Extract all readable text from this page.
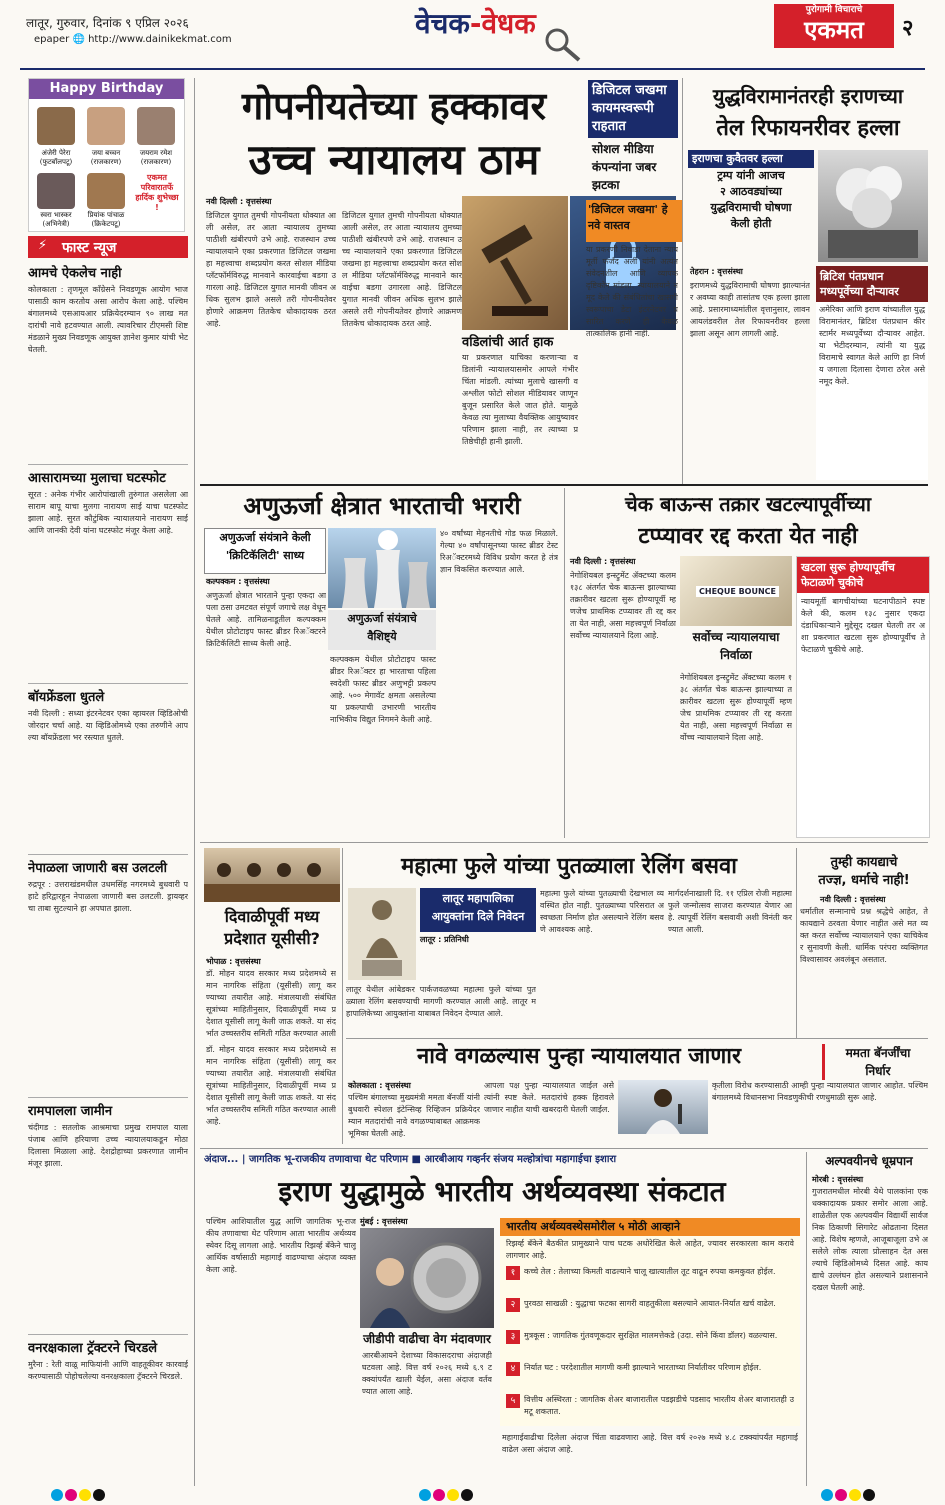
लातूर, गुरुवार, दिनांक ९ एप्रिल २०२६
epaper 🌐 http://www.dainikekmat.com	वेचक-वेधक	पुरोगामी विचाराचे
एकमत	२
Happy Birthday
अंजेरी पेरेरा
(फुटबॉलपटू)
जया बच्चन
(राजकारण)
जयराम रमेश
(राजकारण)
एकमत परिवारातर्फे हार्दिक शुभेच्छा !
स्वरा भास्कर
(अभिनेत्री)
प्रियांक पांचाळ
(क्रिकेटपटू)
⚡ फास्ट न्यूज
आमचे ऐकलेच नाही
कोलकाता : तृणमूल काँग्रेसने निवडणूक आयोग भाजपासाठी काम करतोय असा आरोप केला आहे. पश्चिम बंगालमध्ये एसआयआर प्रक्रियेदरम्यान ९० लाख मतदारांची नावे हटवण्यात आली. त्यावरिचार टीएमसी शिष्टमंडळाने मुख्य निवडणूक आयुक्त ज्ञानेश कुमार यांची भेट घेतली.
आसारामच्या मुलाचा घटस्फोट
सूरत : अनेक गंभीर आरोपांखाली तुरुंगात असलेला आसाराम बापू याचा मुलगा नारायण साई याचा घटस्फोट झाला आहे. सुरत कौटुंबिक न्यायालयाने नारायण साई आणि जानकी देवी यांना घटस्फोट मंजूर केला आहे.
बॉयफ्रेंडला धुतले
नवी दिल्ली : सध्या इंटरनेटवर एका व्हायरल व्हिडिओची जोरदार चर्चा आहे. या व्हिडिओमध्ये एका तरुणीने आपल्या बॉयफ्रेंडला भर रस्त्यात धुतले.
नेपाळला जाणारी बस उलटली
रुद्रपूर : उत्तराखंडमधील उधमसिंह नगरमध्ये बुधवारी पहाटे हरिद्वारहून नेपाळला जाणारी बस उलटली. ड्रायव्हरचा ताबा सुटल्याने हा अपघात झाला.
रामपालला जामीन
चंदीगड : सतलोक आश्रमाचा प्रमुख रामपाल याला पंजाब आणि हरियाणा उच्च न्यायालयाकडून मोठा दिलासा मिळाला आहे. देशद्रोहाच्या प्रकरणात जामीन मंजूर झाला.
वनरक्षकाला ट्रॅक्टरने चिरडले
मुरैना : रेती वाळू माफियांनी आणि वाहतूकीवर कारवाई करण्यासाठी पोहोचलेल्या वनरक्षकाला ट्रॅक्टरने चिरडले.
गोपनीयतेच्या हक्कावर
उच्च न्यायालय ठाम
डिजिटल जखमा
कायमस्वरूपी
राहतात
सोशल मीडिया
कंपन्यांना जबर
झटका
नवी दिल्ली : वृत्तसंस्था
डिजिटल युगात तुमची गोपनीयता धोक्यात आली असेल, तर आता न्यायालय तुमच्या पाठीशी खंबीरपणे उभे आहे. राजस्थान उच्च न्यायालयाने एका प्रकरणात डिजिटल जखमा हा महत्त्वाचा शब्दप्रयोग करत सोशल मीडिया प्लॅटफॉर्मविरुद्ध मानवाने कारवाईचा बडगा उगारला आहे. डिजिटल युगात मानवी जीवन अधिक सुलभ झाले असले तरी गोपनीयतेवर होणारे आक्रमण तितकेच धोकादायक ठरत आहे.
डिजिटल युगात तुमची गोपनीयता धोक्यात आली असेल, तर आता न्यायालय तुमच्या पाठीशी खंबीरपणे उभे आहे. राजस्थान उच्च न्यायालयाने एका प्रकरणात डिजिटल जखमा हा महत्त्वाचा शब्दप्रयोग करत सोशल मीडिया प्लॅटफॉर्मविरुद्ध मानवाने कारवाईचा बडगा उगारला आहे. डिजिटल युगात मानवी जीवन अधिक सुलभ झाले असले तरी गोपनीयतेवर होणारे आक्रमण तितकेच धोकादायक ठरत आहे.
वडिलांची आर्त हाक
या प्रकरणात याचिका करणाऱ्या वडिलांनी न्यायालयासमोर आपले गंभीर चिंता मांडली. त्यांच्या मुलाचे खासगी व अश्लील फोटो सोशल मीडियावर जाणूनबुजून प्रसारित केले जात होते. यामुळे केवळ त्या मुलाच्या वैयक्तिक आयुष्यावर परिणाम झाला नाही, तर त्याच्या प्रतिष्ठेचीही हानी झाली.
'डिजिटल जखमा' हे नवे वास्तव
या प्रकरणी निवाडा देताना न्यायमूर्ती फर्जंद अली यांनी अत्यंत संवेदनशील आणि व्यापक दृष्टिकोन मांडला. न्यायालयाने नमूद केले की संबंधितांचा खासगी स्वरूपाचा डेटा इंटरनेटवर प्रसारित करणे ही केवळ तात्कालिक हानी नाही.
युद्धविरामानंतरही इराणच्या
तेल रिफायनरीवर हल्ला
इराणचा कुवैतवर हल्ला
ट्रम्प यांनी आजच
२ आठवड्यांच्या
युद्धविरामाची घोषणा
केली होती
तेहरान : वृत्तसंस्था
इराणमध्ये युद्धविरामाची घोषणा झाल्यानंतर अवघ्या काही तासांतच एक हल्ला झाला आहे. प्रसारमाध्यमांतील वृत्तानुसार, लावन आयलंडवरील तेल रिफायनरीवर हल्ला झाला असून आग लागली आहे.
ब्रिटिश पंतप्रधान मध्यपूर्वेच्या दौऱ्यावर
अमेरिका आणि इराण यांच्यातील युद्धविरामानंतर, ब्रिटिश पंतप्रधान कीर स्टार्मर मध्यपूर्वेच्या दौऱ्यावर आहेत. या भेटीदरम्यान, त्यांनी या युद्धविरामाचे स्वागत केले आणि हा निर्णय जगाला दिलासा देणारा ठरेल असे नमूद केले.
अणुऊर्जा क्षेत्रात भारताची भरारी
अणुऊर्जा संयंत्राने केली
'क्रिटिकॅलिटी' साध्य
कल्पक्कम : वृत्तसंस्था
अणुऊर्जा क्षेत्रात भारताने पुन्हा एकदा आपला ठसा उमटवत संपूर्ण जगाचे लक्ष वेधून घेतले आहे. तामिळनाडूतील कल्पक्कम येथील प्रोटोटाइप फास्ट ब्रीडर रिअॅक्टरने क्रिटिकॅलिटी साध्य केली आहे.
अणुऊर्जा संयंत्राचे
वैशिष्ट्ये
कल्पक्कम येथील प्रोटोटाइप फास्ट ब्रीडर रिअॅक्टर हा भारताचा पहिला स्वदेशी फास्ट ब्रीडर अणुभट्टी प्रकल्प आहे. ५०० मेगावॅट क्षमता असलेल्या या प्रकल्पाची उभारणी भारतीय नाभिकीय विद्युत निगमने केली आहे.
४० वर्षांच्या मेहनतीचे गोड फळ मिळाले. गेल्या ४० वर्षांपासूनच्या फास्ट ब्रीडर टेस्ट रिअॅक्टरमध्ये विविध प्रयोग करत हे तंत्रज्ञान विकसित करण्यात आले.
चेक बाऊन्स तक्रार खटल्यापूर्वीच्या
टप्प्यावर रद्द करता येत नाही
नवी दिल्ली : वृत्तसंस्था
नेगोशियबल इन्स्ट्रुमेंट ॲक्टच्या कलम १३८ अंतर्गत चेक बाऊन्स झाल्याच्या तक्रारीवर खटला सुरू होण्यापूर्वी म्हणजेच प्राथमिक टप्प्यावर ती रद्द करता येत नाही, असा महत्त्वपूर्ण निर्वाळा सर्वोच्च न्यायालयाने दिला आहे.
CHEQUE BOUNCE
सर्वोच्च न्यायालयाचा
निर्वाळा
नेगोशियबल इन्स्ट्रुमेंट ॲक्टच्या कलम १३८ अंतर्गत चेक बाऊन्स झाल्याच्या तक्रारीवर खटला सुरू होण्यापूर्वी म्हणजेच प्राथमिक टप्प्यावर ती रद्द करता येत नाही, असा महत्त्वपूर्ण निर्वाळा सर्वोच्च न्यायालयाने दिला आहे.
खटला सुरू होण्यापूर्वीच फेटाळणे चुकीचे
न्यायमूर्ती बागचीयांच्या घटनापीठाने स्पष्ट केले की, कलम १३८ नुसार एकदा दंडाधिकाऱ्याने मुद्देसूद दखल घेतली तर अशा प्रकरणात खटला सुरू होण्यापूर्वीच ते फेटाळणे चुकीचे आहे.
दिवाळीपूर्वी मध्य
प्रदेशात यूसीसी?
भोपाळ : वृत्तसंस्था
डॉ. मोहन यादव सरकार मध्य प्रदेशमध्ये समान नागरिक संहिता (यूसीसी) लागू करण्याच्या तयारीत आहे. मंत्रालयाशी संबंधित सूत्रांच्या माहितीनुसार, दिवाळीपूर्वी मध्य प्रदेशात यूसीसी लागू केली जाऊ शकते. या संदर्भात उच्चस्तरीय समिती गठित करण्यात आली
डॉ. मोहन यादव सरकार मध्य प्रदेशमध्ये समान नागरिक संहिता (यूसीसी) लागू करण्याच्या तयारीत आहे. मंत्रालयाशी संबंधित सूत्रांच्या माहितीनुसार, दिवाळीपूर्वी मध्य प्रदेशात यूसीसी लागू केली जाऊ शकते. या संदर्भात उच्चस्तरीय समिती गठित करण्यात आली आहे.
महात्मा फुले यांच्या पुतळ्याला रेलिंग बसवा
लातूर महापालिका
आयुक्तांना दिले निवेदन
लातूर : प्रतिनिधी
लातूर येथील आंबेडकर पार्कजवळच्या महात्मा फुले यांच्या पुतळ्याला रेलिंग बसवण्याची मागणी करण्यात आली आहे. लातूर महापालिकेच्या आयुक्तांना याबाबत निवेदन देण्यात आले.
महात्मा फुले यांच्या पुतळ्याची देखभाल व्यवस्थित होत नाही. पुतळ्याच्या परिसरात अस्वच्छता निर्माण होत असल्याने रेलिंग बसवणे आवश्यक आहे.
मार्गदर्शनाखाली दि. ११ एप्रिल रोजी महात्मा फुले जन्मोत्सव साजरा करण्यात येणार आहे. त्यापूर्वी रेलिंग बसवावी अशी विनंती करण्यात आली.
तुम्ही कायद्याचे
तज्ज्ञ, धर्माचे नाही!
नवी दिल्ली : वृत्तसंस्था
धर्मातील सन्मानाचे प्रश्न श्रद्धेचे आहेत, ते कायद्याने ठरवता येणार नाहीत असे मत व्यक्त करत सर्वोच्च न्यायालयाने एका याचिकेवर सुनावणी केली. धार्मिक परंपरा व्यक्तिगत विश्वासावर अवलंबून असतात.
नावे वगळल्यास पुन्हा न्यायालयात जाणार	ममता बॅनर्जींचा
निर्धार
कोलकाता : वृत्तसंस्था
पश्चिम बंगालच्या मुख्यमंत्री ममता बॅनर्जी यांनी बुधवारी स्पेशल इंटेन्सिव्ह रिव्हिजन प्रक्रियेदरम्यान मतदारांची नावे वगळण्याबाबत आक्रमक भूमिका घेतली आहे.
आपला पक्ष पुन्हा न्यायालयात जाईल असे त्यांनी स्पष्ट केले. मतदारांचे हक्क हिरावले जाणार नाहीत याची खबरदारी घेतली जाईल.
कृतीला विरोध करण्यासाठी आम्ही पुन्हा न्यायालयात जाणार आहोत. पश्चिम बंगालमध्ये विधानसभा निवडणुकीची रणधुमाळी सुरू आहे.
अंदाज... | जागतिक भू-राजकीय तणावाचा थेट परिणाम ■ आरबीआय गव्हर्नर संजय मल्होत्रांचा महागाईचा इशारा
इराण युद्धामुळे भारतीय अर्थव्यवस्था संकटात
मुंबई : वृत्तसंस्था
पश्चिम आशियातील युद्ध आणि जागतिक भू-राजकीय तणावाचा थेट परिणाम आता भारतीय अर्थव्यवस्थेवर दिसू लागला आहे. भारतीय रिझर्व्ह बँकेने चालू आर्थिक वर्षासाठी महागाई वाढण्याचा अंदाज व्यक्त केला आहे.
जीडीपी वाढीचा वेग मंदावणार
आरबीआयने देशाच्या विकासदराचा अंदाजही घटवला आहे. वित्त वर्ष २०२६ मध्ये ६.९ टक्क्यांपर्यंत खाली येईल, असा अंदाज वर्तवण्यात आला आहे.
भारतीय अर्थव्यवस्थेसमोरील ५ मोठी आव्हाने
रिझर्व्ह बँकेने बैठकीत प्रामुख्याने पाच घटक अधोरेखित केले आहेत, ज्यावर सरकारला काम करावे लागणार आहे.
१	कच्चे तेल : तेलाच्या किमती वाढल्याने चालू खात्यातील तूट वाढून रुपया कमकुवत होईल.
२	पुरवठा साखळी : युद्धाचा फटका सागरी वाहतुकीला बसल्याने आयात-निर्यात खर्च वाढेल.
३	मुत्रकूस : जागतिक गुंतवणूकदार सुरक्षित मालमत्तेकडे (उदा. सोने किंवा डॉलर) वळल्यास.
४	निर्यात घट : परदेशातील मागणी कमी झाल्याने भारताच्या निर्यातीवर परिणाम होईल.
५	वित्तीय अस्थिरता : जागतिक शेअर बाजारातील पडझडीचे पडसाद भारतीय शेअर बाजारातही उमटू शकतात.
महागाईवाढीचा दिलेला अंदाज चिंता वाढवणारा आहे. वित्त वर्ष २०२७ मध्ये ४.८ टक्क्यांपर्यंत महागाई वाढेल असा अंदाज आहे.
अल्पवयीनचे धूम्रपान
मोरबी : वृत्तसंस्था
गुजरातमधील मोरबी येथे पालकांना एक धक्कादायक प्रकार समोर आला आहे. शाळेतील एक अल्पवयीन विद्यार्थी सार्वजनिक ठिकाणी सिगारेट ओढताना दिसत आहे. विशेष म्हणजे, आजूबाजूला उभे असलेले लोक त्याला प्रोत्साहन देत असल्याचे व्हिडिओमध्ये दिसत आहे. कायद्याचे उल्लंघन होत असल्याने प्रशासनाने दखल घेतली आहे.
